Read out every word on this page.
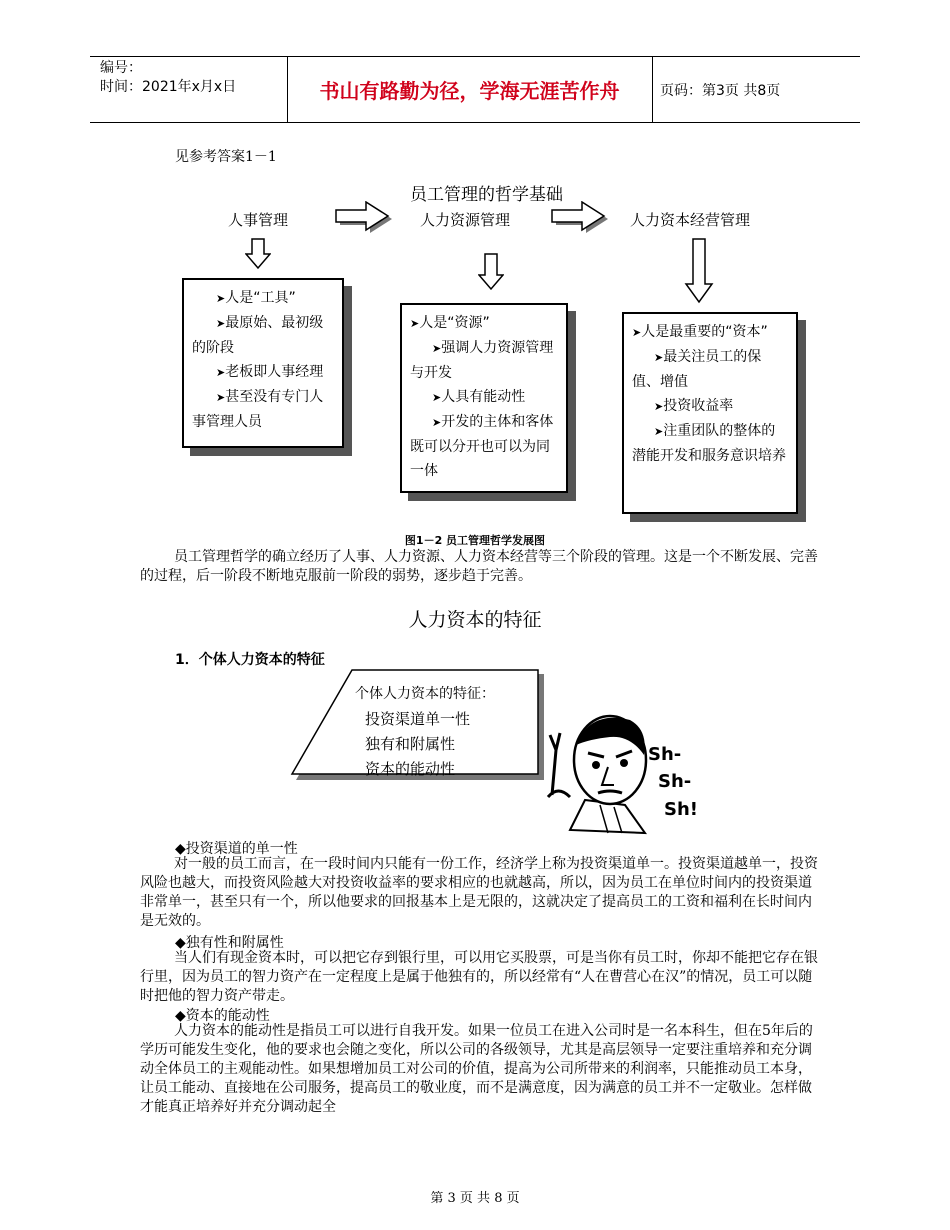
编号：
时间：2021年x月x日	书山有路勤为径，学海无涯苦作舟	页码：第3页 共8页
见参考答案1－1
员工管理的哲学基础
人事管理	人力资源管理	人力资本经营管理

➤人是“工具”

➤最原始、最初级的阶段

➤老板即人事经理

➤甚至没有专门人事管理人员

➤人是“资源”

➤强调人力资源管理与开发

➤人具有能动性

➤开发的主体和客体既可以分开也可以为同一体

➤人是最重要的“资本”

➤最关注员工的保值、增值

➤投资收益率

➤注重团队的整体的潜能开发和服务意识培养

图1－2 员工管理哲学发展图
员工管理哲学的确立经历了人事、人力资源、人力资本经营等三个阶段的管理。这是一个不断发展、完善的过程，后一阶段不断地克服前一阶段的弱势，逐步趋于完善。
人力资本的特征
1．个体人力资本的特征
个体人力资本的特征：
投资渠道单一性
独有和附属性
资本的能动性
Sh-
Sh-
Sh!
◆投资渠道的单一性
对一般的员工而言，在一段时间内只能有一份工作，经济学上称为投资渠道单一。投资渠道越单一，投资风险也越大，而投资风险越大对投资收益率的要求相应的也就越高，所以，因为员工在单位时间内的投资渠道非常单一，甚至只有一个，所以他要求的回报基本上是无限的，这就决定了提高员工的工资和福利在长时间内是无效的。
◆独有性和附属性
当人们有现金资本时，可以把它存到银行里，可以用它买股票，可是当你有员工时，你却不能把它存在银行里，因为员工的智力资产在一定程度上是属于他独有的，所以经常有“人在曹营心在汉”的情况，员工可以随时把他的智力资产带走。
◆资本的能动性
人力资本的能动性是指员工可以进行自我开发。如果一位员工在进入公司时是一名本科生，但在5年后的学历可能发生变化，他的要求也会随之变化，所以公司的各级领导，尤其是高层领导一定要注重培养和充分调动全体员工的主观能动性。如果想增加员工对公司的价值，提高为公司所带来的利润率，只能推动员工本身，让员工能动、直接地在公司服务，提高员工的敬业度，而不是满意度，因为满意的员工并不一定敬业。怎样做才能真正培养好并充分调动起全
第 3 页 共 8 页
